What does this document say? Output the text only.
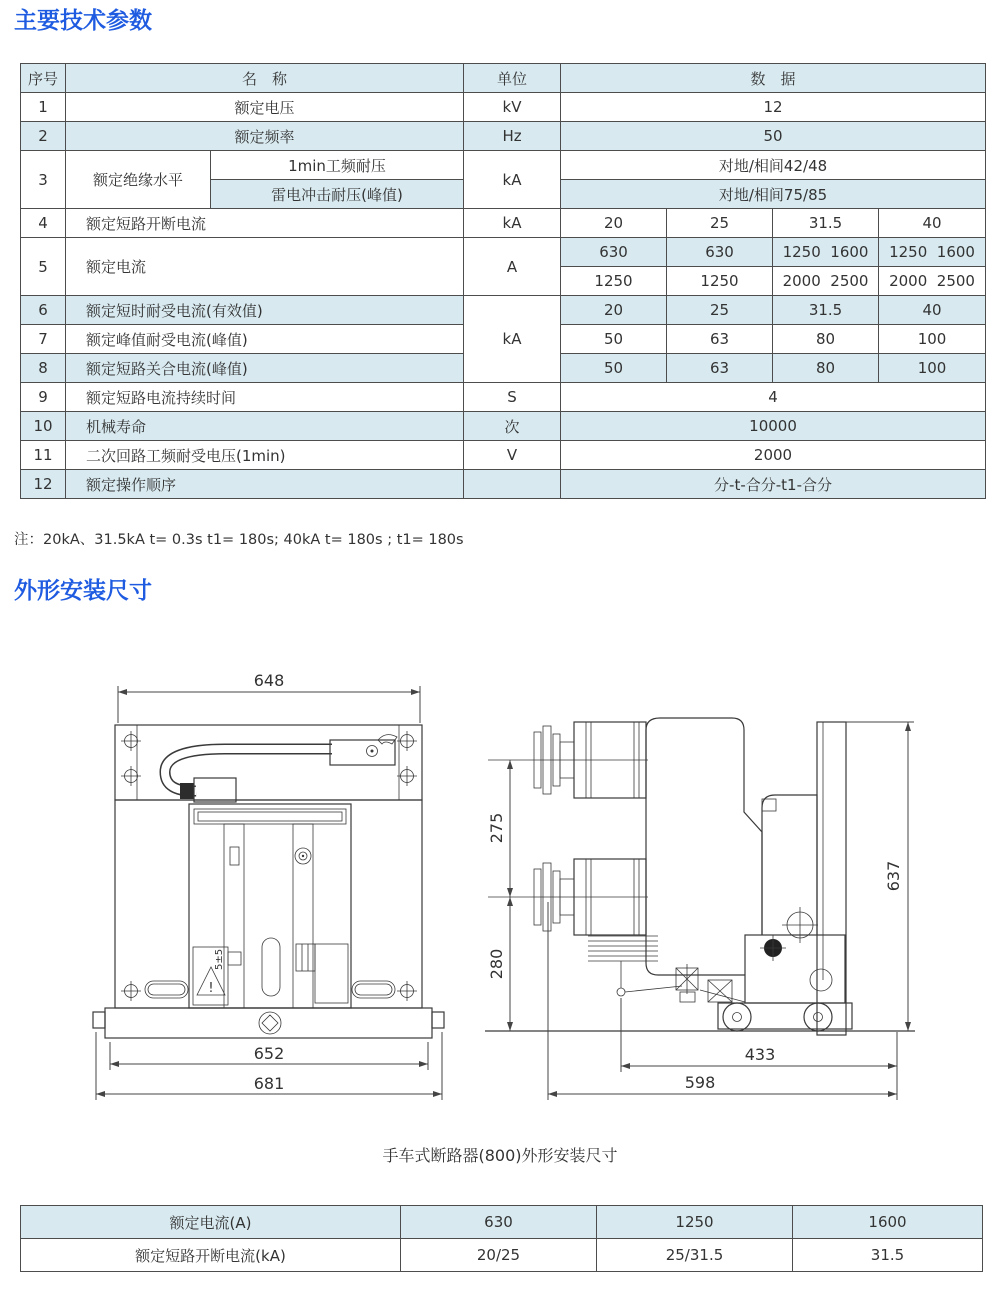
主要技术参数
序号	名　称		单位	数　据			
1	额定电压		kV	12			
2	额定频率		Hz	50			
3	额定绝缘水平	1min工频耐压	kA	对地/相间42/48			
		雷电冲击耐压(峰值)		对地/相间75/85			
4	额定短路开断电流		kA	20	25	31.5	40
5	额定电流		A	630	630	1250  1600	1250  1600
				1250	1250	2000  2500	2000  2500
6	额定短时耐受电流(有效值)		kA	20	25	31.5	40
7	额定峰值耐受电流(峰值)			50	63	80	100
8	额定短路关合电流(峰值)			50	63	80	100
9	额定短路电流持续时间		S	4			
10	机械寿命		次	10000			
11	二次回路工频耐受电压(1min)		V	2000			
12	额定操作顺序			分-t-合分-t1-合分			
注：20kA、31.5kA t= 0.3s t1= 180s; 40kA t= 180s ; t1= 180s
外形安装尺寸
648
5±5
!
652
681
275
280
637
433
598
手车式断路器(800)外形安装尺寸
额定电流(A)	630	1250	1600
额定短路开断电流(kA)	20/25	25/31.5	31.5
